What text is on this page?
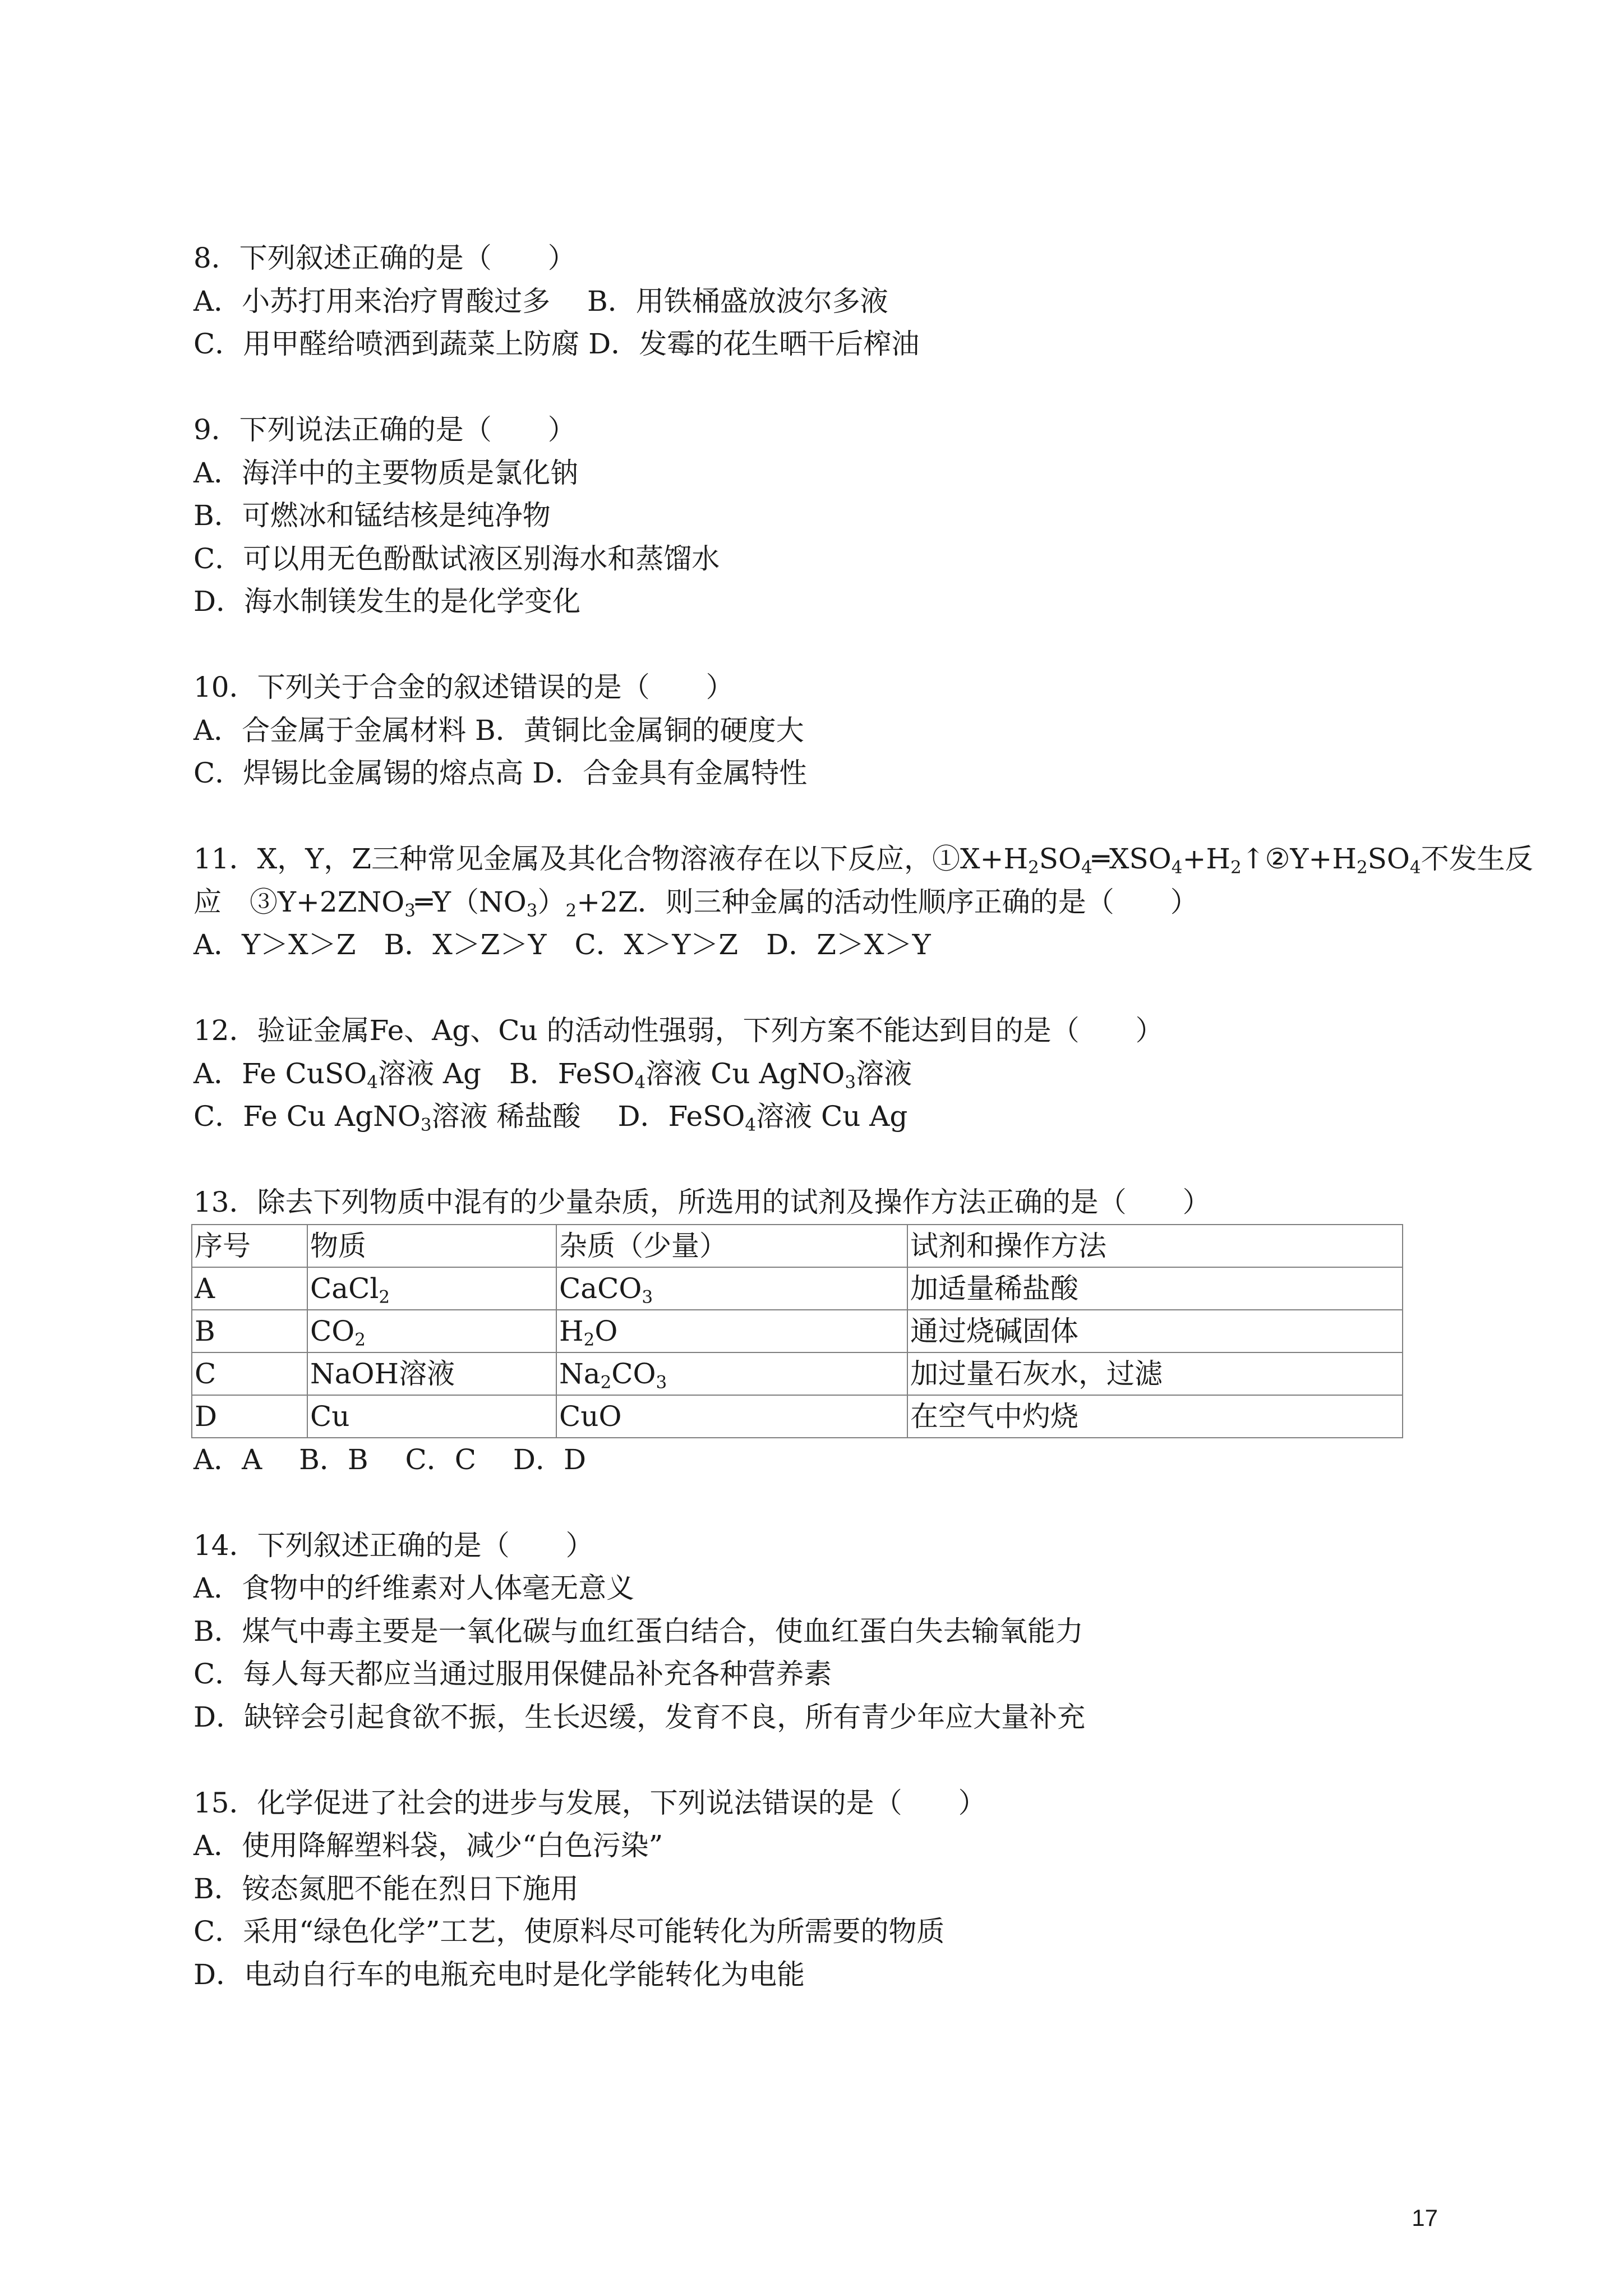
8．下列叙述正确的是（　　）
A．小苏打用来治疗胃酸过多　 B．用铁桶盛放波尔多液
C．用甲醛给喷洒到蔬菜上防腐 D．发霉的花生晒干后榨油
9．下列说法正确的是（　　）
A．海洋中的主要物质是氯化钠
B．可燃冰和锰结核是纯净物
C．可以用无色酚酞试液区别海水和蒸馏水
D．海水制镁发生的是化学变化
10．下列关于合金的叙述错误的是（　　）
A．合金属于金属材料 B．黄铜比金属铜的硬度大
C．焊锡比金属锡的熔点高 D．合金具有金属特性
11．X，Y，Z三种常见金属及其化合物溶液存在以下反应，$①X+H_2SO_4═XSO_4+H_2↑②Y+H_2SO_4$不发生反
应　$③Y+2ZNO_3═Y(NO_3)_2+2Z$．则三种金属的活动性顺序正确的是（　　）
A．Y＞X＞Z　B．X＞Z＞Y　C．X＞Y＞Z　D．Z＞X＞Y
12．验证金属Fe、Ag、Cu 的活动性强弱，下列方案不能达到目的是（　　）
A．Fe CuSO$_4$溶液 Ag　B．FeSO$_4$溶液 Cu AgNO$_3$溶液
C．Fe Cu AgNO$_3$溶液 稀盐酸　 D．FeSO$_4$溶液 Cu Ag
13．除去下列物质中混有的少量杂质，所选用的试剂及操作方法正确的是（　　）
序号	物质	杂质（少量）	试剂和操作方法
A	CaCl$_2$	CaCO$_3$	加适量稀盐酸
B	$CO_2$	$H_2O$	通过烧碱固体
C	NaOH溶液	$Na_2CO_3$	加过量石灰水，过滤
D	Cu	CuO	在空气中灼烧
A．A　 B．B　 C．C　 D．D
14．下列叙述正确的是（　　）
A．食物中的纤维素对人体毫无意义
B．煤气中毒主要是一氧化碳与血红蛋白结合，使血红蛋白失去输氧能力
C．每人每天都应当通过服用保健品补充各种营养素
D．缺锌会引起食欲不振，生长迟缓，发育不良，所有青少年应大量补充
15．化学促进了社会的进步与发展，下列说法错误的是（　　）
A．使用降解塑料袋，减少“白色污染”
B．铵态氮肥不能在烈日下施用
C．采用“绿色化学”工艺，使原料尽可能转化为所需要的物质
D．电动自行车的电瓶充电时是化学能转化为电能
17
